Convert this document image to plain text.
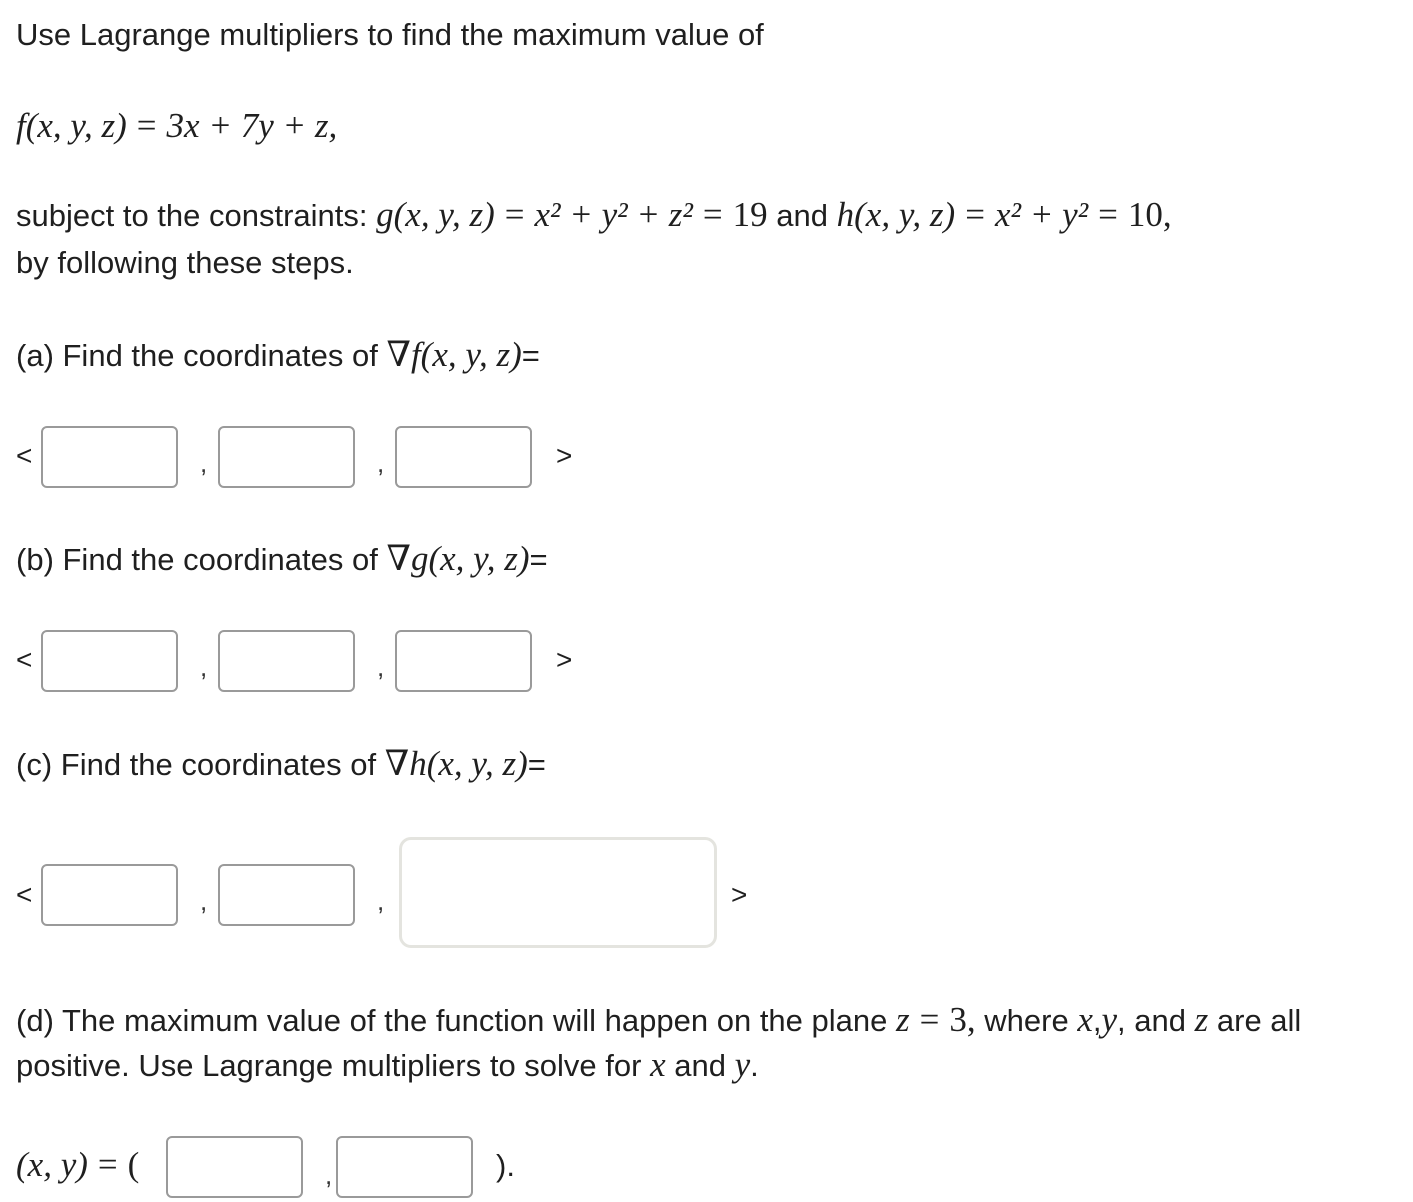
Use Lagrange multipliers to find the maximum value of
f(x, y, z) = 3x + 7y + z,
subject to the constraints: g(x, y, z) = x² + y² + z² = 19 and h(x, y, z) = x² + y² = 10,
by following these steps.
(a) Find the coordinates of ∇f(x, y, z)=
<	,	,	>
(b) Find the coordinates of ∇g(x, y, z)=
<	,	,	>
(c) Find the coordinates of ∇h(x, y, z)=
<	,	,	>
(d) The maximum value of the function will happen on the plane z = 3, where x,y, and z are all
positive. Use Lagrange multipliers to solve for x and y.
(x, y) = (	,	).
